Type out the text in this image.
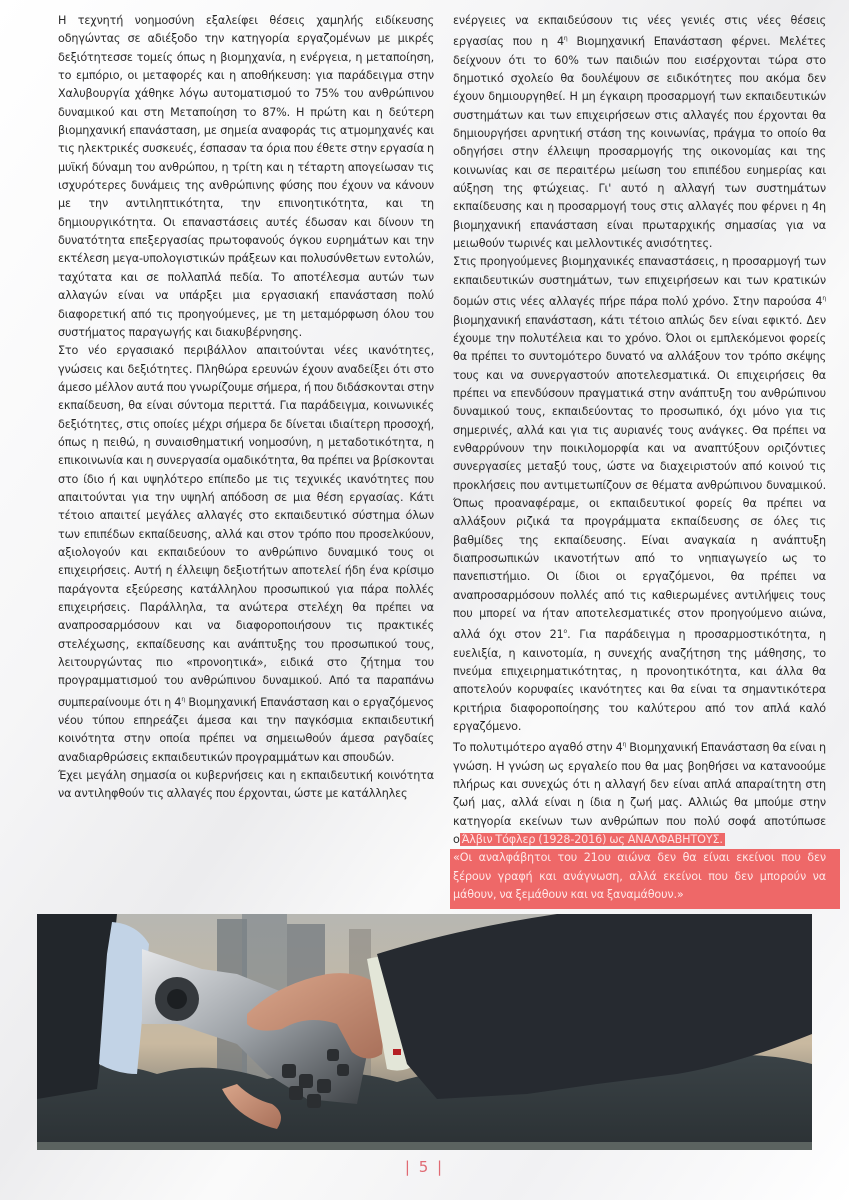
Η τεχνητή νοημοσύνη εξαλείφει θέσεις χαμηλής ειδίκευσης οδηγώντας σε αδιέξοδο την κατηγορία εργαζομένων με μικρές δεξιότητεσσε τομείς όπως η βιομηχανία, η ενέργεια, η μεταποίηση, το εμπόριο, οι μεταφορές και η αποθήκευση: για παράδειγμα στην Χαλυβουργία χάθηκε λόγω αυτοματισμού το 75% του ανθρώπινου δυναμικού και στη Μεταποίηση το 87%. Η πρώτη και η δεύτερη βιομηχανική επανάσταση, με σημεία αναφοράς τις ατμομηχανές και τις ηλεκτρικές συσκευές, έσπασαν τα όρια που έθετε στην εργασία η μυϊκή δύναμη του ανθρώπου, η τρίτη και η τέταρτη απογείωσαν τις ισχυρότερες δυνάμεις της ανθρώπινης φύσης που έχουν να κάνουν με την αντιληπτικότητα, την επινοητικότητα, και τη δημιουργικότητα. Οι επαναστάσεις αυτές έδωσαν και δίνουν τη δυνατότητα επεξεργασίας πρωτοφανούς όγκου ευρημάτων και την εκτέλεση μεγα-υπολογιστικών πράξεων και πολυσύνθετων εντολών, ταχύτατα και σε πολλαπλά πεδία. Το αποτέλεσμα αυτών των αλλαγών είναι να υπάρξει μια εργασιακή επανάσταση πολύ διαφορετική από τις προηγούμενες, με τη μεταμόρφωση όλου του συστήματος παραγωγής και διακυβέρνησης.

Στο νέο εργασιακό περιβάλλον απαιτούνται νέες ικανότητες, γνώσεις και δεξιότητες. Πληθώρα ερευνών έχουν αναδείξει ότι στο άμεσο μέλλον αυτά που γνωρίζουμε σήμερα, ή που διδάσκονται στην εκπαίδευση, θα είναι σύντομα περιττά. Για παράδειγμα, κοινωνικές δεξιότητες, στις οποίες μέχρι σήμερα δε δίνεται ιδιαίτερη προσοχή, όπως η πειθώ, η συναισθηματική νοημοσύνη, η μεταδοτικότητα, η επικοινωνία και η συνεργασία ομαδικότητα, θα πρέπει να βρίσκονται στο ίδιο ή και υψηλότερο επίπεδο με τις τεχνικές ικανότητες που απαιτούνται για την υψηλή απόδοση σε μια θέση εργασίας. Κάτι τέτοιο απαιτεί μεγάλες αλλαγές στο εκπαιδευτικό σύστημα όλων των επιπέδων εκπαίδευσης, αλλά και στον τρόπο που προσελκύουν, αξιολογούν και εκπαιδεύουν το ανθρώπινο δυναμικό τους οι επιχειρήσεις. Αυτή η έλλειψη δεξιοτήτων αποτελεί ήδη ένα κρίσιμο παράγοντα εξεύρεσης κατάλληλου προσωπικού για πάρα πολλές επιχειρήσεις. Παράλληλα, τα ανώτερα στελέχη θα πρέπει να αναπροσαρμόσουν και να διαφοροποιήσουν τις πρακτικές στελέχωσης, εκπαίδευσης και ανάπτυξης του προσωπικού τους, λειτουργώντας πιο «προνοητικά», ειδικά στο ζήτημα του προγραμματισμού του ανθρώπινου δυναμικού. Από τα παραπάνω συμπεραίνουμε ότι η $4^\eta$ Βιομηχανική Επανάσταση και ο εργαζόμενος νέου τύπου επηρεάζει άμεσα και την παγκόσμια εκπαιδευτική κοινότητα στην οποία πρέπει να σημειωθούν άμεσα ραγδαίες αναδιαρθρώσεις εκπαιδευτικών προγραμμάτων και σπουδών.

Έχει μεγάλη σημασία οι κυβερνήσεις και η εκπαιδευτική κοινότητα να αντιληφθούν τις αλλαγές που έρχονται, ώστε με κατάλληλες

ενέργειες να εκπαιδεύσουν τις νέες γενιές στις νέες θέσεις εργασίας που η $4^\eta$ Βιομηχανική Επανάσταση φέρνει. Μελέτες δείχνουν ότι το 60% των παιδιών που εισέρχονται τώρα στο δημοτικό σχολείο θα δουλέψουν σε ειδικότητες που ακόμα δεν έχουν δημιουργηθεί. Η μη έγκαιρη προσαρμογή των εκπαιδευτικών συστημάτων και των επιχειρήσεων στις αλλαγές που έρχονται θα δημιουργήσει αρνητική στάση της κοινωνίας, πράγμα το οποίο θα οδηγήσει στην έλλειψη προσαρμογής της οικονομίας και της κοινωνίας και σε περαιτέρω μείωση του επιπέδου ευημερίας και αύξηση της φτώχειας. Γι' αυτό η αλλαγή των συστημάτων εκπαίδευσης και η προσαρμογή τους στις αλλαγές που φέρνει η 4η βιομηχανική επανάσταση είναι πρωταρχικής σημασίας για να μειωθούν τωρινές και μελλοντικές ανισότητες.

Στις προηγούμενες βιομηχανικές επαναστάσεις, η προσαρμογή των εκπαιδευτικών συστημάτων, των επιχειρήσεων και των κρατικών δομών στις νέες αλλαγές πήρε πάρα πολύ χρόνο. Στην παρούσα $4^\eta$ βιομηχανική επανάσταση, κάτι τέτοιο απλώς δεν είναι εφικτό. Δεν έχουμε την πολυτέλεια και το χρόνο. Όλοι οι εμπλεκόμενοι φορείς θα πρέπει το συντομότερο δυνατό να αλλάξουν τον τρόπο σκέψης τους και να συνεργαστούν αποτελεσματικά. Οι επιχειρήσεις θα πρέπει να επενδύσουν πραγματικά στην ανάπτυξη του ανθρώπινου δυναμικού τους, εκπαιδεύοντας το προσωπικό, όχι μόνο για τις σημερινές, αλλά και για τις αυριανές τους ανάγκες. Θα πρέπει να ενθαρρύνουν την ποικιλομορφία και να αναπτύξουν οριζόντιες συνεργασίες μεταξύ τους, ώστε να διαχειριστούν από κοινού τις προκλήσεις που αντιμετωπίζουν σε θέματα ανθρώπινου δυναμικού. Όπως προαναφέραμε, οι εκπαιδευτικοί φορείς θα πρέπει να αλλάξουν ριζικά τα προγράμματα εκπαίδευσης σε όλες τις βαθμίδες της εκπαίδευσης. Είναι αναγκαία η ανάπτυξη διαπροσωπικών ικανοτήτων από το νηπιαγωγείο ως το πανεπιστήμιο. Οι ίδιοι οι εργαζόμενοι, θα πρέπει να αναπροσαρμόσουν πολλές από τις καθιερωμένες αντιλήψεις τους που μπορεί να ήταν αποτελεσματικές στον προηγούμενο αιώνα, αλλά όχι στον $21^o$. Για παράδειγμα η προσαρμοστικότητα, η ευελιξία, η καινοτομία, η συνεχής αναζήτηση της μάθησης, το πνεύμα επιχειρηματικότητας, η προνοητικότητα, και άλλα θα αποτελούν κορυφαίες ικανότητες και θα είναι τα σημαντικότερα κριτήρια διαφοροποίησης του καλύτερου από τον απλά καλό εργαζόμενο.

Το πολυτιμότερο αγαθό στην $4^\eta$ Βιομηχανική Επανάσταση θα είναι η γνώση. Η γνώση ως εργαλείο που θα μας βοηθήσει να κατανοούμε πλήρως και συνεχώς ότι η αλλαγή δεν είναι απλά απαραίτητη στη ζωή μας, αλλά είναι η ίδια η ζωή μας. Αλλιώς θα μπούμε στην κατηγορία εκείνων των ανθρώπων που πολύ σοφά αποτύπωσε ο Άλβιν Τόφλερ (1928-2016) ως ΑΝΑΛΦΑΒΗΤΟΥΣ.
«Οι αναλφάβητοι του 21ου αιώνα δεν θα είναι εκείνοι που δεν ξέρουν γραφή και ανάγνωση, αλλά εκείνοι που δεν μπορούν να μάθουν, να ξεμάθουν και να ξαναμάθουν.»

| 5 |
